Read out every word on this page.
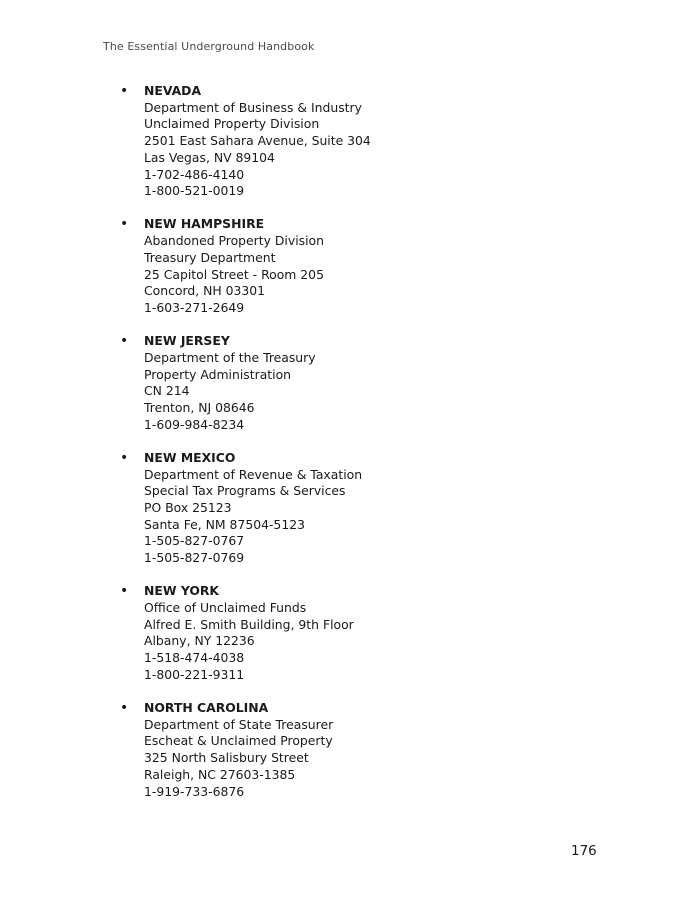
The Essential Underground Handbook
• NEVADA
Department of Business & Industry
Unclaimed Property Division
2501 East Sahara Avenue, Suite 304
Las Vegas, NV 89104
1-702-486-4140
1-800-521-0019
• NEW HAMPSHIRE
Abandoned Property Division
Treasury Department
25 Capitol Street - Room 205
Concord, NH 03301
1-603-271-2649
• NEW JERSEY
Department of the Treasury
Property Administration
CN 214
Trenton, NJ 08646
1-609-984-8234
• NEW MEXICO
Department of Revenue & Taxation
Special Tax Programs & Services
PO Box 25123
Santa Fe, NM 87504-5123
1-505-827-0767
1-505-827-0769
• NEW YORK
Office of Unclaimed Funds
Alfred E. Smith Building, 9th Floor
Albany, NY 12236
1-518-474-4038
1-800-221-9311
• NORTH CAROLINA
Department of State Treasurer
Escheat & Unclaimed Property
325 North Salisbury Street
Raleigh, NC 27603-1385
1-919-733-6876
176
